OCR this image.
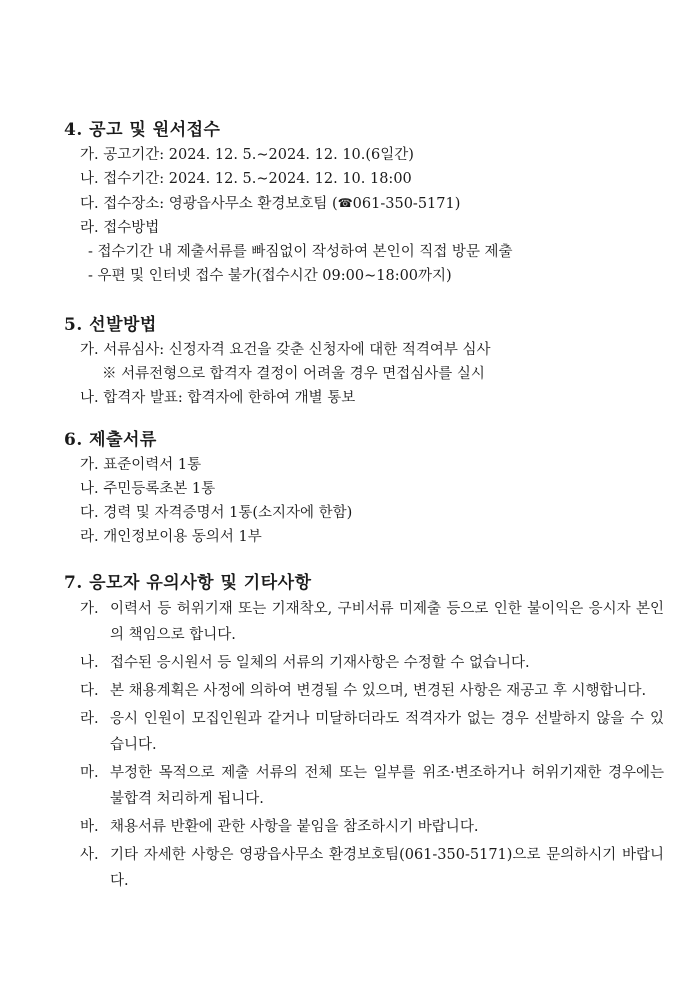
4. 공고 및 원서접수
가. 공고기간: 2024. 12. 5.∼2024. 12. 10.(6일간)
나. 접수기간: 2024. 12. 5.∼2024. 12. 10. 18:00
다. 접수장소: 영광읍사무소 환경보호팀 (☎061-350-5171)
라. 접수방법
- 접수기간 내 제출서류를 빠짐없이 작성하여 본인이 직접 방문 제출
- 우편 및 인터넷 접수 불가(접수시간 09:00∼18:00까지)
5. 선발방법
가. 서류심사: 신정자격 요건을 갖춘 신청자에 대한 적격여부 심사
※ 서류전형으로 합격자 결정이 어려울 경우 면접심사를 실시
나. 합격자 발표: 합격자에 한하여 개별 통보
6. 제출서류
가. 표준이력서 1통
나. 주민등록초본 1통
다. 경력 및 자격증명서 1통(소지자에 한함)
라. 개인정보이용 동의서 1부
7. 응모자 유의사항 및 기타사항
가. 이력서 등 허위기재 또는 기재착오, 구비서류 미제출 등으로 인한 불이익은 응시자 본인의 책임으로 합니다.
나. 접수된 응시원서 등 일체의 서류의 기재사항은 수정할 수 없습니다.
다. 본 채용계획은 사정에 의하여 변경될 수 있으며, 변경된 사항은 재공고 후 시행합니다.
라. 응시 인원이 모집인원과 같거나 미달하더라도 적격자가 없는 경우 선발하지 않을 수 있습니다.
마. 부정한 목적으로 제출 서류의 전체 또는 일부를 위조·변조하거나 허위기재한 경우에는 불합격 처리하게 됩니다.
바. 채용서류 반환에 관한 사항을 붙임을 참조하시기 바랍니다.
사. 기타 자세한 사항은 영광읍사무소 환경보호팀(061-350-5171)으로 문의하시기 바랍니다.
